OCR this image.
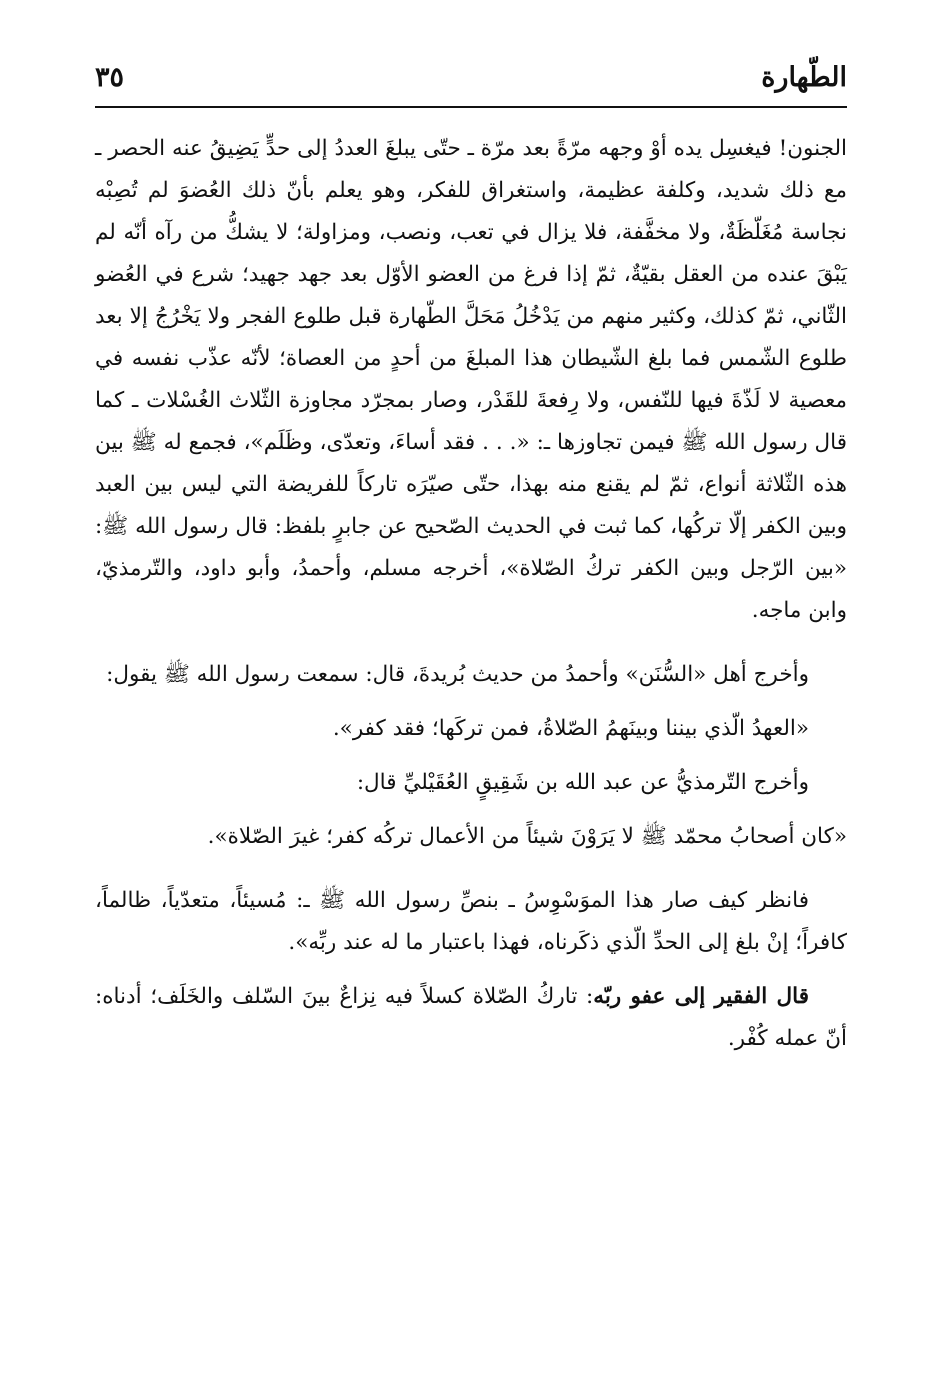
الطّهارة
٣٥

الجنون! فيغسِل يده أوْ وجهه مرّةً بعد مرّة ـ حتّى يبلغَ العددُ إلى حدٍّ يَضِيقُ عنه الحصر ـ مع ذلك شديد، وكلفة عظيمة، واستغراق للفكر، وهو يعلم بأنّ ذلك العُضوَ لم تُصِبْه نجاسة مُغَلّظَةٌ، ولا مخفَّفة، فلا يزال في تعب، ونصب، ومزاولة؛ لا يشكُّ من رآه أنّه لم يَبْقَ عنده من العقل بقيّةٌ، ثمّ إذا فرغ من العضو الأوّل بعد جهد جهيد؛ شرع في العُضو الثّاني، ثمّ كذلك، وكثير منهم من يَدْخُلُ مَحَلَّ الطّهارة قبل طلوع الفجر ولا يَخْرُجُ إلا بعد طلوع الشّمس فما بلغ الشّيطان هذا المبلغَ من أحدٍ من العصاة؛ لأنّه عذّب نفسه في معصية لا لَذّةَ فيها للنّفس، ولا رِفعةَ للقَدْر، وصار بمجرّد مجاوزة الثّلاث الغُسْلات ـ كما قال رسول الله ﷺ فيمن تجاوزها ـ: «. . . فقد أساءَ، وتعدّى، وظَلَم»، فجمع له ﷺ بين هذه الثّلاثة أنواع، ثمّ لم يقنع منه بهذا، حتّى صيّرَه تاركاً للفريضة التي ليس بين العبد وبين الكفر إلّا تركُها، كما ثبت في الحديث الصّحيح عن جابرٍ بلفظ: قال رسول الله ﷺ: «بين الرّجل وبين الكفر تركُ الصّلاة»، أخرجه مسلم، وأحمدُ، وأبو داود، والتّرمذيّ، وابن ماجه.

وأخرج أهل «السُّنَن» وأحمدُ من حديث بُريدةَ، قال: سمعت رسول الله ﷺ يقول:

«العهدُ الّذي بيننا وبينَهمُ الصّلاةُ، فمن تركَها؛ فقد كفر».

وأخرج التّرمذيُّ عن عبد الله بن شَقِيقٍ العُقَيْليِّ قال:

«كان أصحابُ محمّد ﷺ لا يَرَوْنَ شيئاً من الأعمال تركُه كفر؛ غيرَ الصّلاة».

فانظر كيف صار هذا الموَسْوِسُ ـ بنصِّ رسول الله ﷺ ـ: مُسيئاً، متعدّياً، ظالماً، كافراً؛ إنْ بلغ إلى الحدِّ الّذي ذكَرناه، فهذا باعتبار ما له عند ربِّه».

قال الفقير إلى عفو ربّه: تاركُ الصّلاة كسلاً فيه نِزاعٌ بينَ السّلف والخَلَف؛ أدناه: أنّ عمله كُفْر.
